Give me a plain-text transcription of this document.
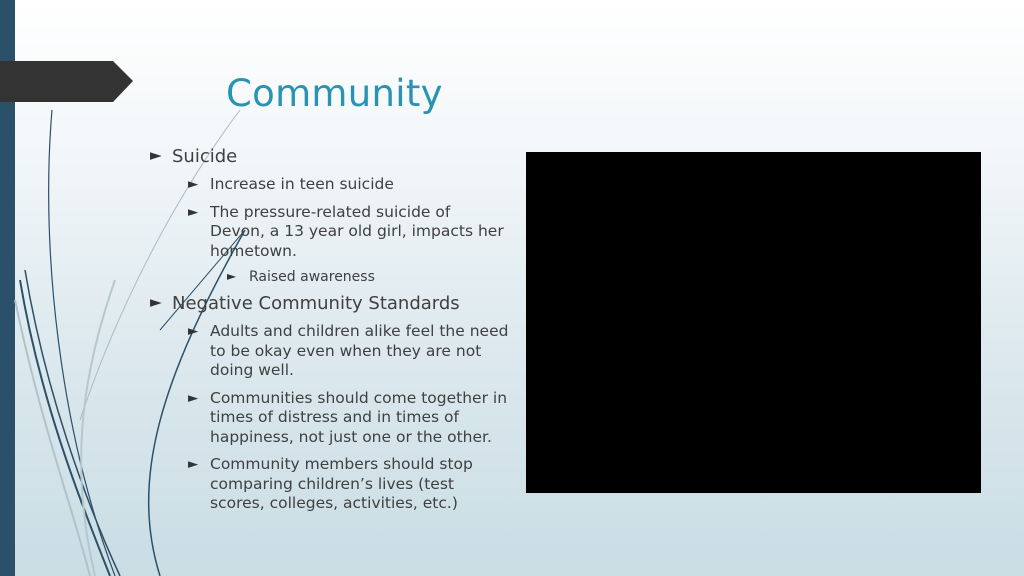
Community
► Suicide
► Increase in teen suicide
► The pressure-related suicide of Devon, a 13 year old girl, impacts her hometown.
► Raised awareness
► Negative Community Standards
► Adults and children alike feel the need to be okay even when they are not doing well.
► Communities should come together in times of distress and in times of happiness, not just one or the other.
► Community members should stop comparing children’s lives (test scores, colleges, activities, etc.)
